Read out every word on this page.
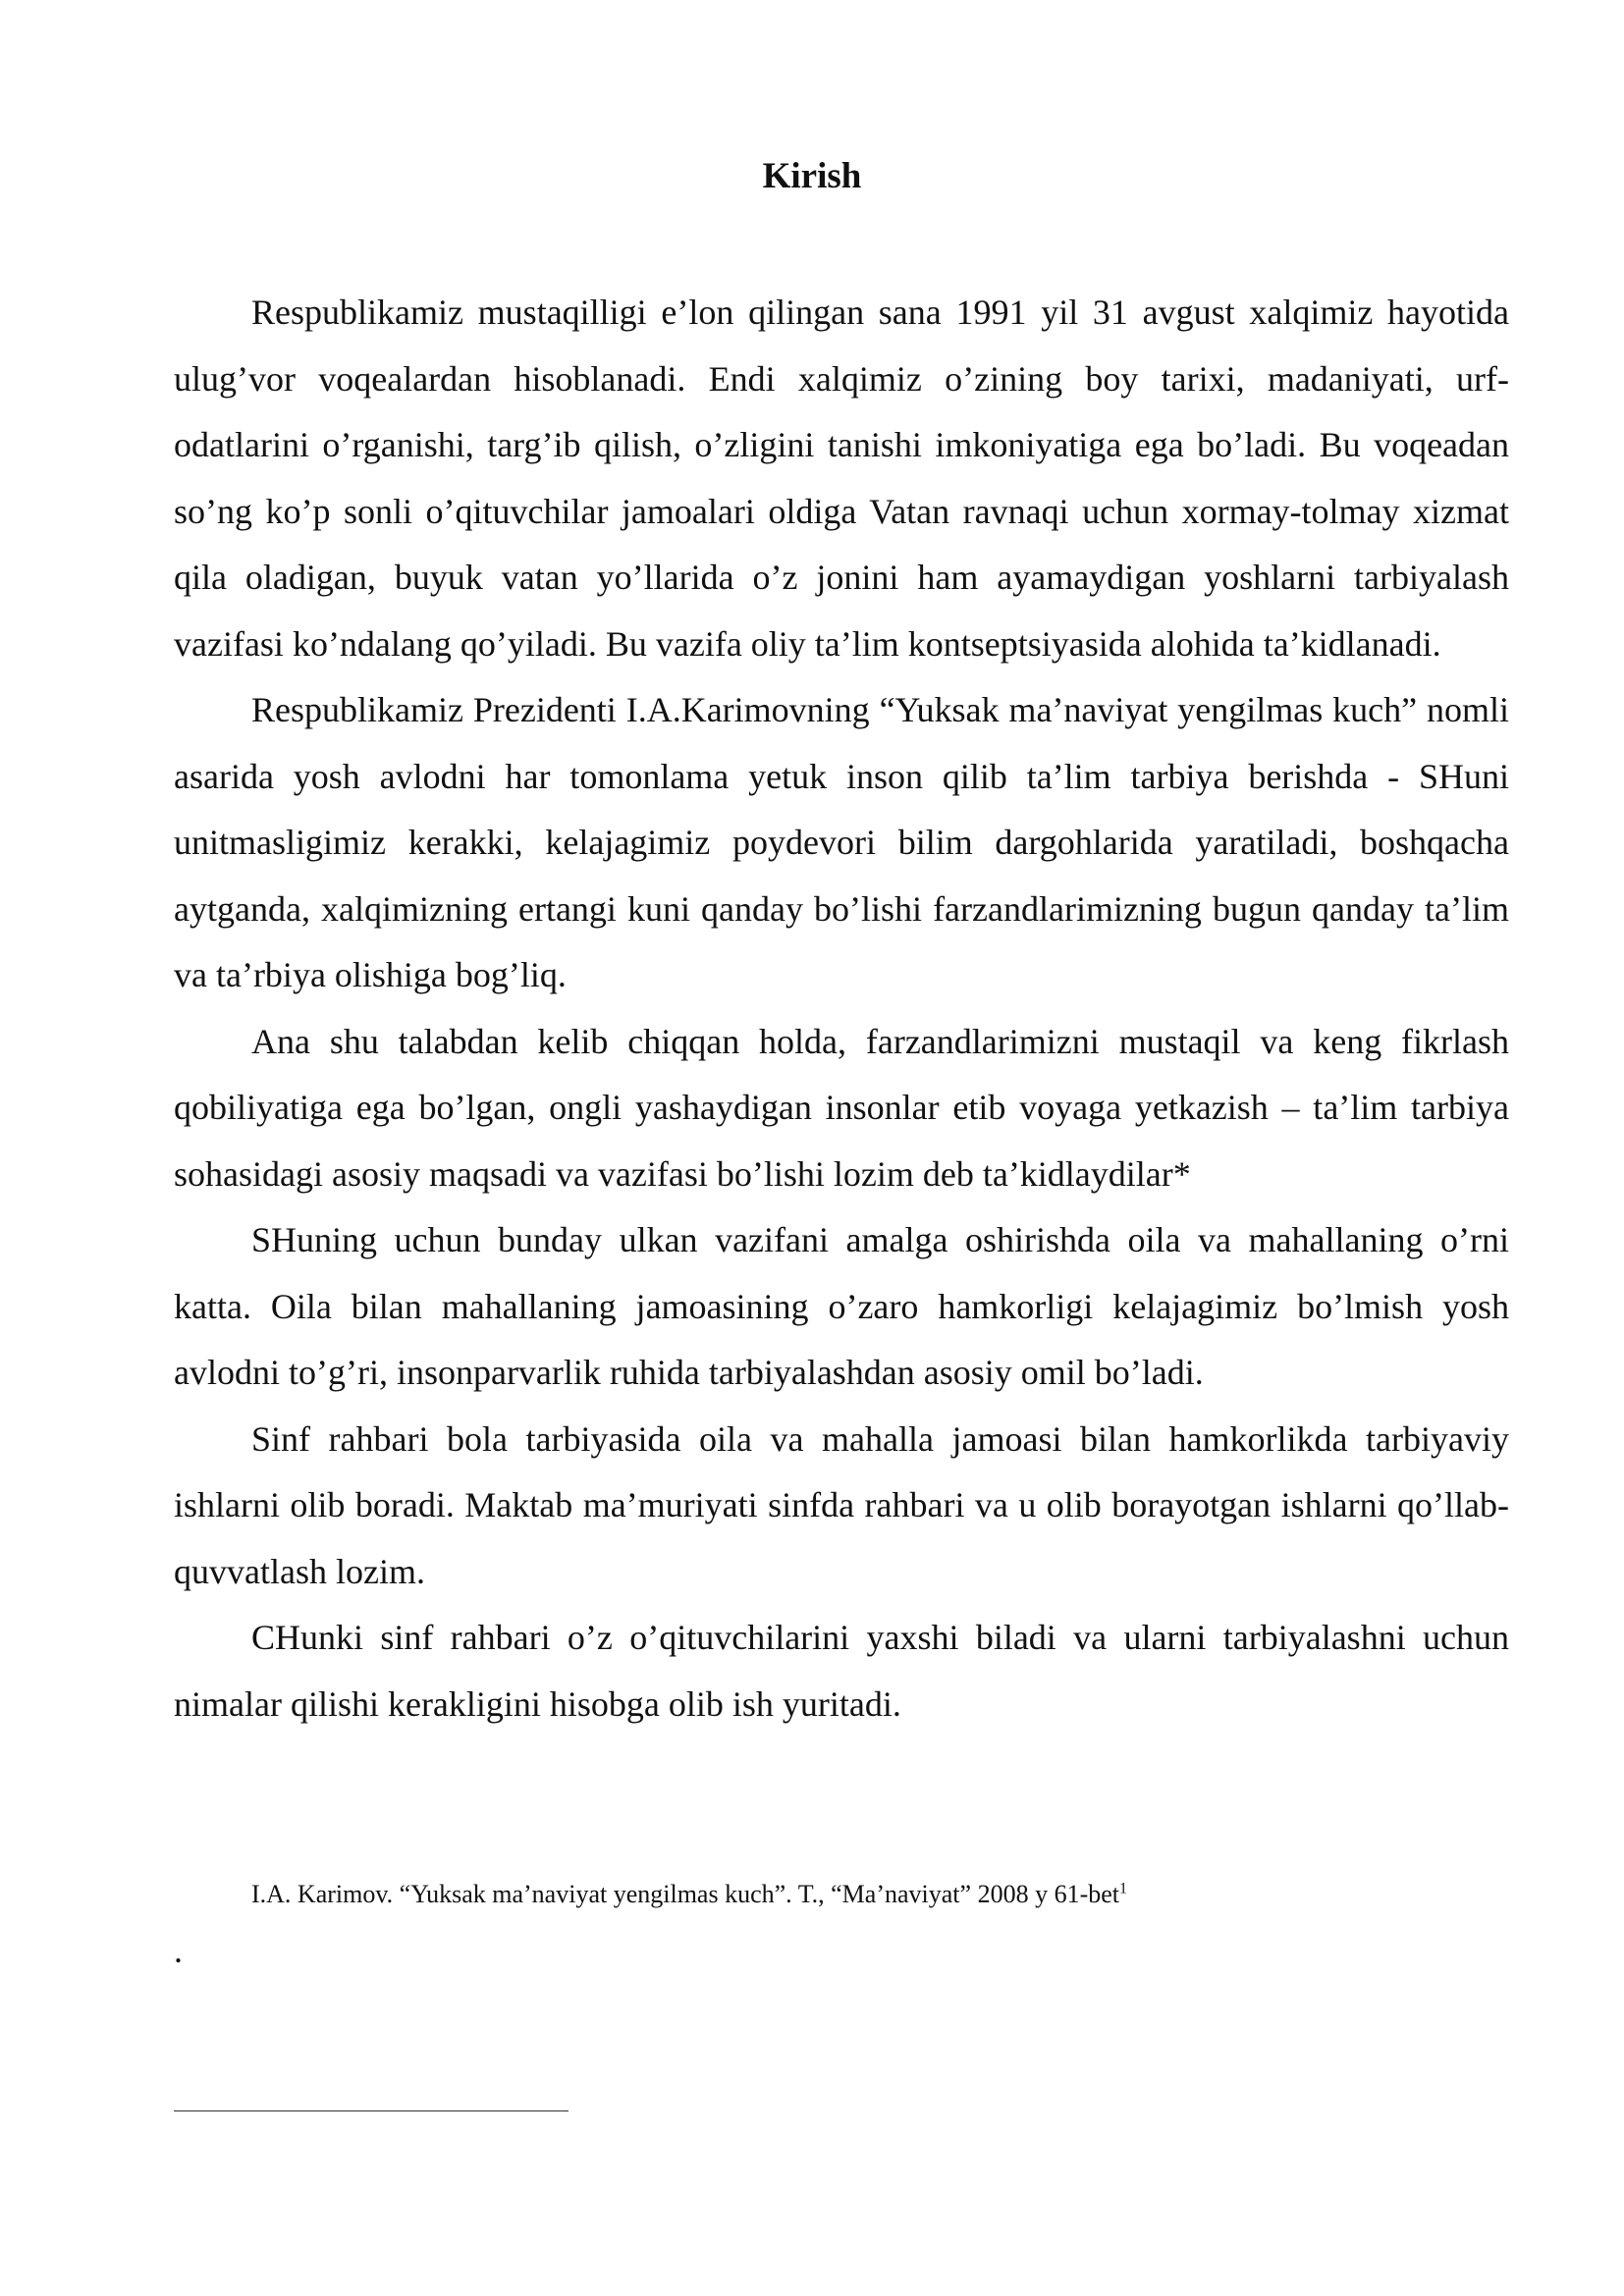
Kirish

Respublikamiz mustaqilligi e’lon qilingan sana 1991 yil 31 avgust xalqimiz hayotida ulug’vor voqealardan hisoblanadi. Endi xalqimiz o’zining boy tarixi, madaniyati, urf-odatlarini o’rganishi, targ’ib qilish, o’zligini tanishi imkoniyatiga ega bo’ladi. Bu voqeadan so’ng ko’p sonli o’qituvchilar jamoalari oldiga Vatan ravnaqi uchun xormay-tolmay xizmat qila oladigan, buyuk vatan yo’llarida o’z jonini ham ayamaydigan yoshlarni tarbiyalash vazifasi ko’ndalang qo’yiladi. Bu vazifa oliy ta’lim kontseptsiyasida alohida ta’kidlanadi.

Respublikamiz Prezidenti I.A.Karimovning “Yuksak ma’naviyat yengilmas kuch” nomli asarida yosh avlodni har tomonlama yetuk inson qilib ta’lim tarbiya berishda - SHuni unitmasligimiz kerakki, kelajagimiz poydevori bilim dargohlarida yaratiladi, boshqacha aytganda, xalqimizning ertangi kuni qanday bo’lishi farzandlarimizning bugun qanday ta’lim va ta’rbiya olishiga bog’liq.

Ana shu talabdan kelib chiqqan holda, farzandlarimizni mustaqil va keng fikrlash qobiliyatiga ega bo’lgan, ongli yashaydigan insonlar etib voyaga yetkazish – ta’lim tarbiya sohasidagi asosiy maqsadi va vazifasi bo’lishi lozim deb ta’kidlaydilar*

SHuning uchun bunday ulkan vazifani amalga oshirishda oila va mahallaning o’rni katta. Oila bilan mahallaning jamoasining o’zaro hamkorligi kelajagimiz bo’lmish yosh avlodni to’g’ri, insonparvarlik ruhida tarbiyalashdan asosiy omil bo’ladi.

Sinf rahbari bola tarbiyasida oila va mahalla jamoasi bilan hamkorlikda tarbiyaviy ishlarni olib boradi. Maktab ma’muriyati sinfda rahbari va u olib borayotgan ishlarni qo’llab- quvvatlash lozim.

CHunki sinf rahbari o’z o’qituvchilarini yaxshi biladi va ularni tarbiyalashni uchun nimalar qilishi kerakligini hisobga olib ish yuritadi.

I.A. Karimov. “Yuksak ma’naviyat yengilmas kuch”. T., “Ma’naviyat” 2008 y 61-bet$^1$
.
